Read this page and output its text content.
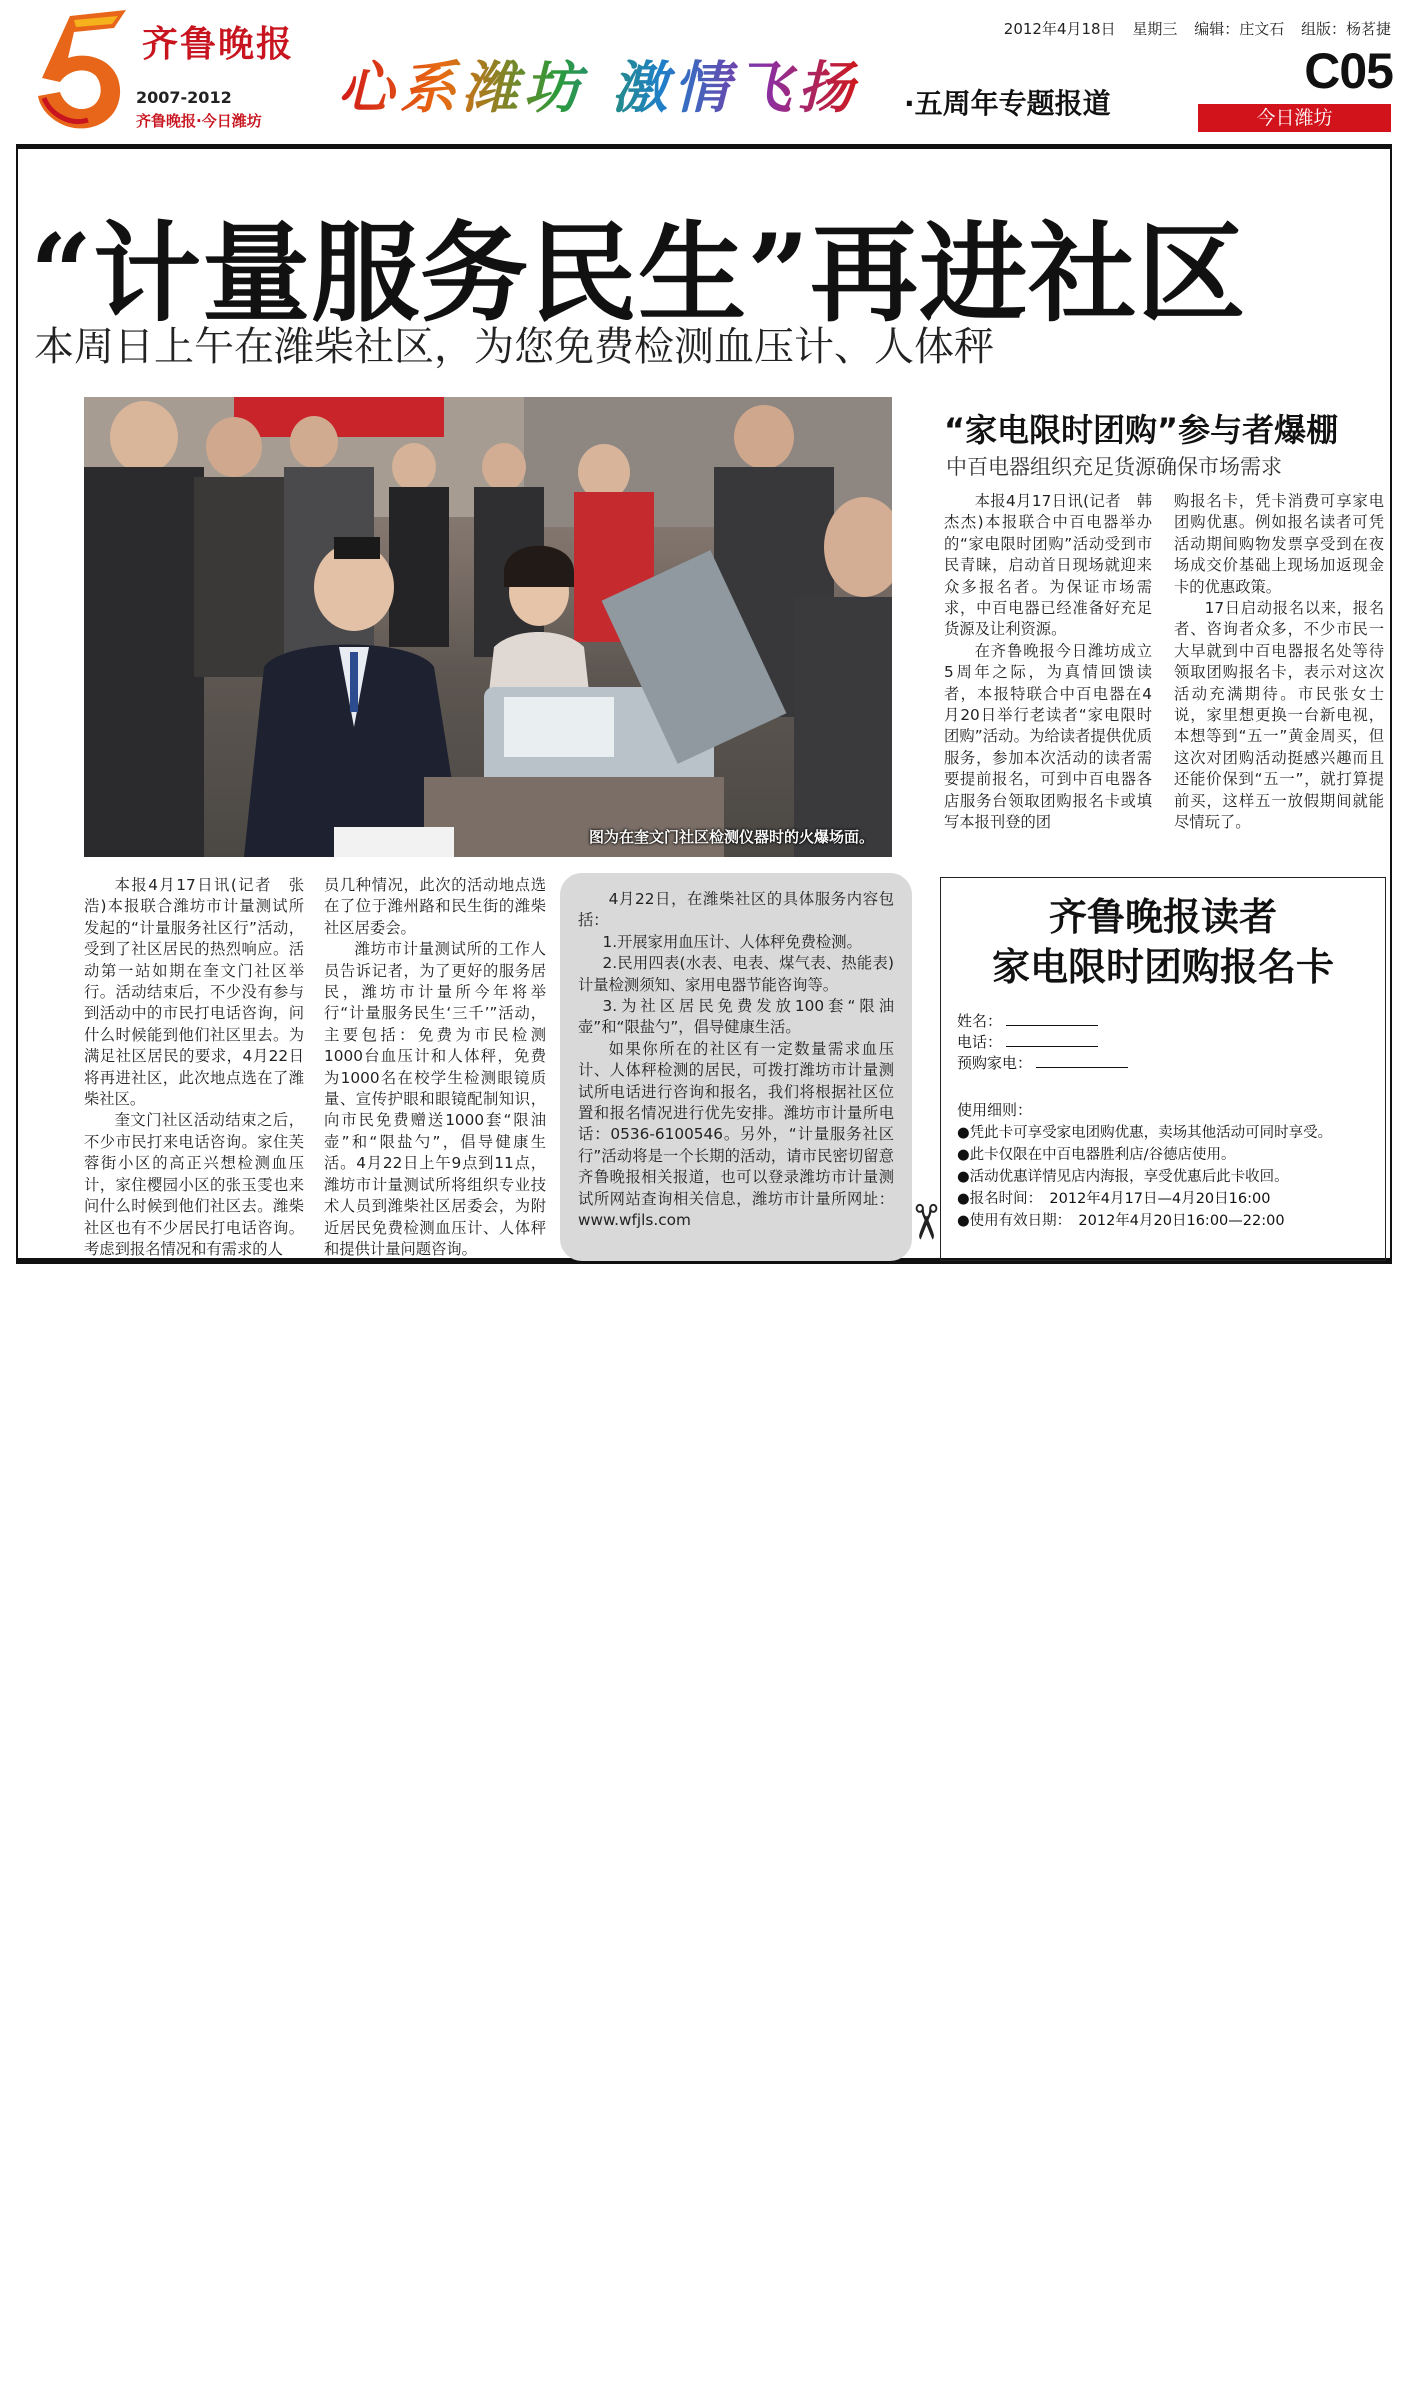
齐鲁晚报
2007-2012
齐鲁晚报·今日潍坊 心系潍坊 激情飞扬 ·五周年专题报道
2012年4月18日 星期三 编辑：庄文石 组版：杨茗捷
C05
今日潍坊
“计量服务民生”再进社区
本周日上午在潍柴社区，为您免费检测血压计、人体秤
图为在奎文门社区检测仪器时的火爆场面。
“家电限时团购”参与者爆棚
中百电器组织充足货源确保市场需求

本报4月17日讯(记者　韩杰杰)本报联合中百电器举办的“家电限时团购”活动受到市民青睐，启动首日现场就迎来众多报名者。为保证市场需求，中百电器已经准备好充足货源及让利资源。

在齐鲁晚报今日潍坊成立5周年之际，为真情回馈读者，本报特联合中百电器在4月20日举行老读者“家电限时团购”活动。为给读者提供优质服务，参加本次活动的读者需要提前报名，可到中百电器各店服务台领取团购报名卡或填写本报刊登的团

购报名卡，凭卡消费可享家电团购优惠。例如报名读者可凭活动期间购物发票享受到在夜场成交价基础上现场加返现金卡的优惠政策。

17日启动报名以来，报名者、咨询者众多，不少市民一大早就到中百电器报名处等待领取团购报名卡，表示对这次活动充满期待。市民张女士说，家里想更换一台新电视，本想等到“五一”黄金周买，但这次对团购活动挺感兴趣而且还能价保到“五一”，就打算提前买，这样五一放假期间就能尽情玩了。

本报4月17日讯(记者　张浩)本报联合潍坊市计量测试所发起的“计量服务社区行”活动，受到了社区居民的热烈响应。活动第一站如期在奎文门社区举行。活动结束后，不少没有参与到活动中的市民打电话咨询，问什么时候能到他们社区里去。为满足社区居民的要求，4月22日将再进社区，此次地点选在了潍柴社区。

奎文门社区活动结束之后，不少市民打来电话咨询。家住芙蓉街小区的高正兴想检测血压计，家住樱园小区的张玉雯也来问什么时候到他们社区去。潍柴社区也有不少居民打电话咨询。考虑到报名情况和有需求的人

员几种情况，此次的活动地点选在了位于潍州路和民生街的潍柴社区居委会。

潍坊市计量测试所的工作人员告诉记者，为了更好的服务居民，潍坊市计量所今年将举行“计量服务民生‘三千’”活动，主要包括：免费为市民检测1000台血压计和人体秤，免费为1000名在校学生检测眼镜质量、宣传护眼和眼镜配制知识，向市民免费赠送1000套“限油壶”和“限盐勺”，倡导健康生活。4月22日上午9点到11点，潍坊市计量测试所将组织专业技术人员到潍柴社区居委会，为附近居民免费检测血压计、人体秤和提供计量问题咨询。

4月22日，在潍柴社区的具体服务内容包括：

1.开展家用血压计、人体秤免费检测。

2.民用四表(水表、电表、煤气表、热能表)计量检测须知、家用电器节能咨询等。

3.为社区居民免费发放100套“限油壶”和“限盐勺”，倡导健康生活。

如果你所在的社区有一定数量需求血压计、人体秤检测的居民，可拨打潍坊市计量测试所电话进行咨询和报名，我们将根据社区位置和报名情况进行优先安排。潍坊市计量所电话：0536-6100546。另外，“计量服务社区行”活动将是一个长期的活动，请市民密切留意齐鲁晚报相关报道，也可以登录潍坊市计量测试所网站查询相关信息，潍坊市计量所网址：www.wfjls.com	✂
齐鲁晚报读者
家电限时团购报名卡
姓名：
电话：
预购家电：
使用细则：
●凭此卡可享受家电团购优惠，卖场其他活动可同时享受。
●此卡仅限在中百电器胜利店/谷德店使用。
●活动优惠详情见店内海报，享受优惠后此卡收回。
●报名时间：　2012年4月17日—4月20日16:00
●使用有效日期：　2012年4月20日16:00—22:00
